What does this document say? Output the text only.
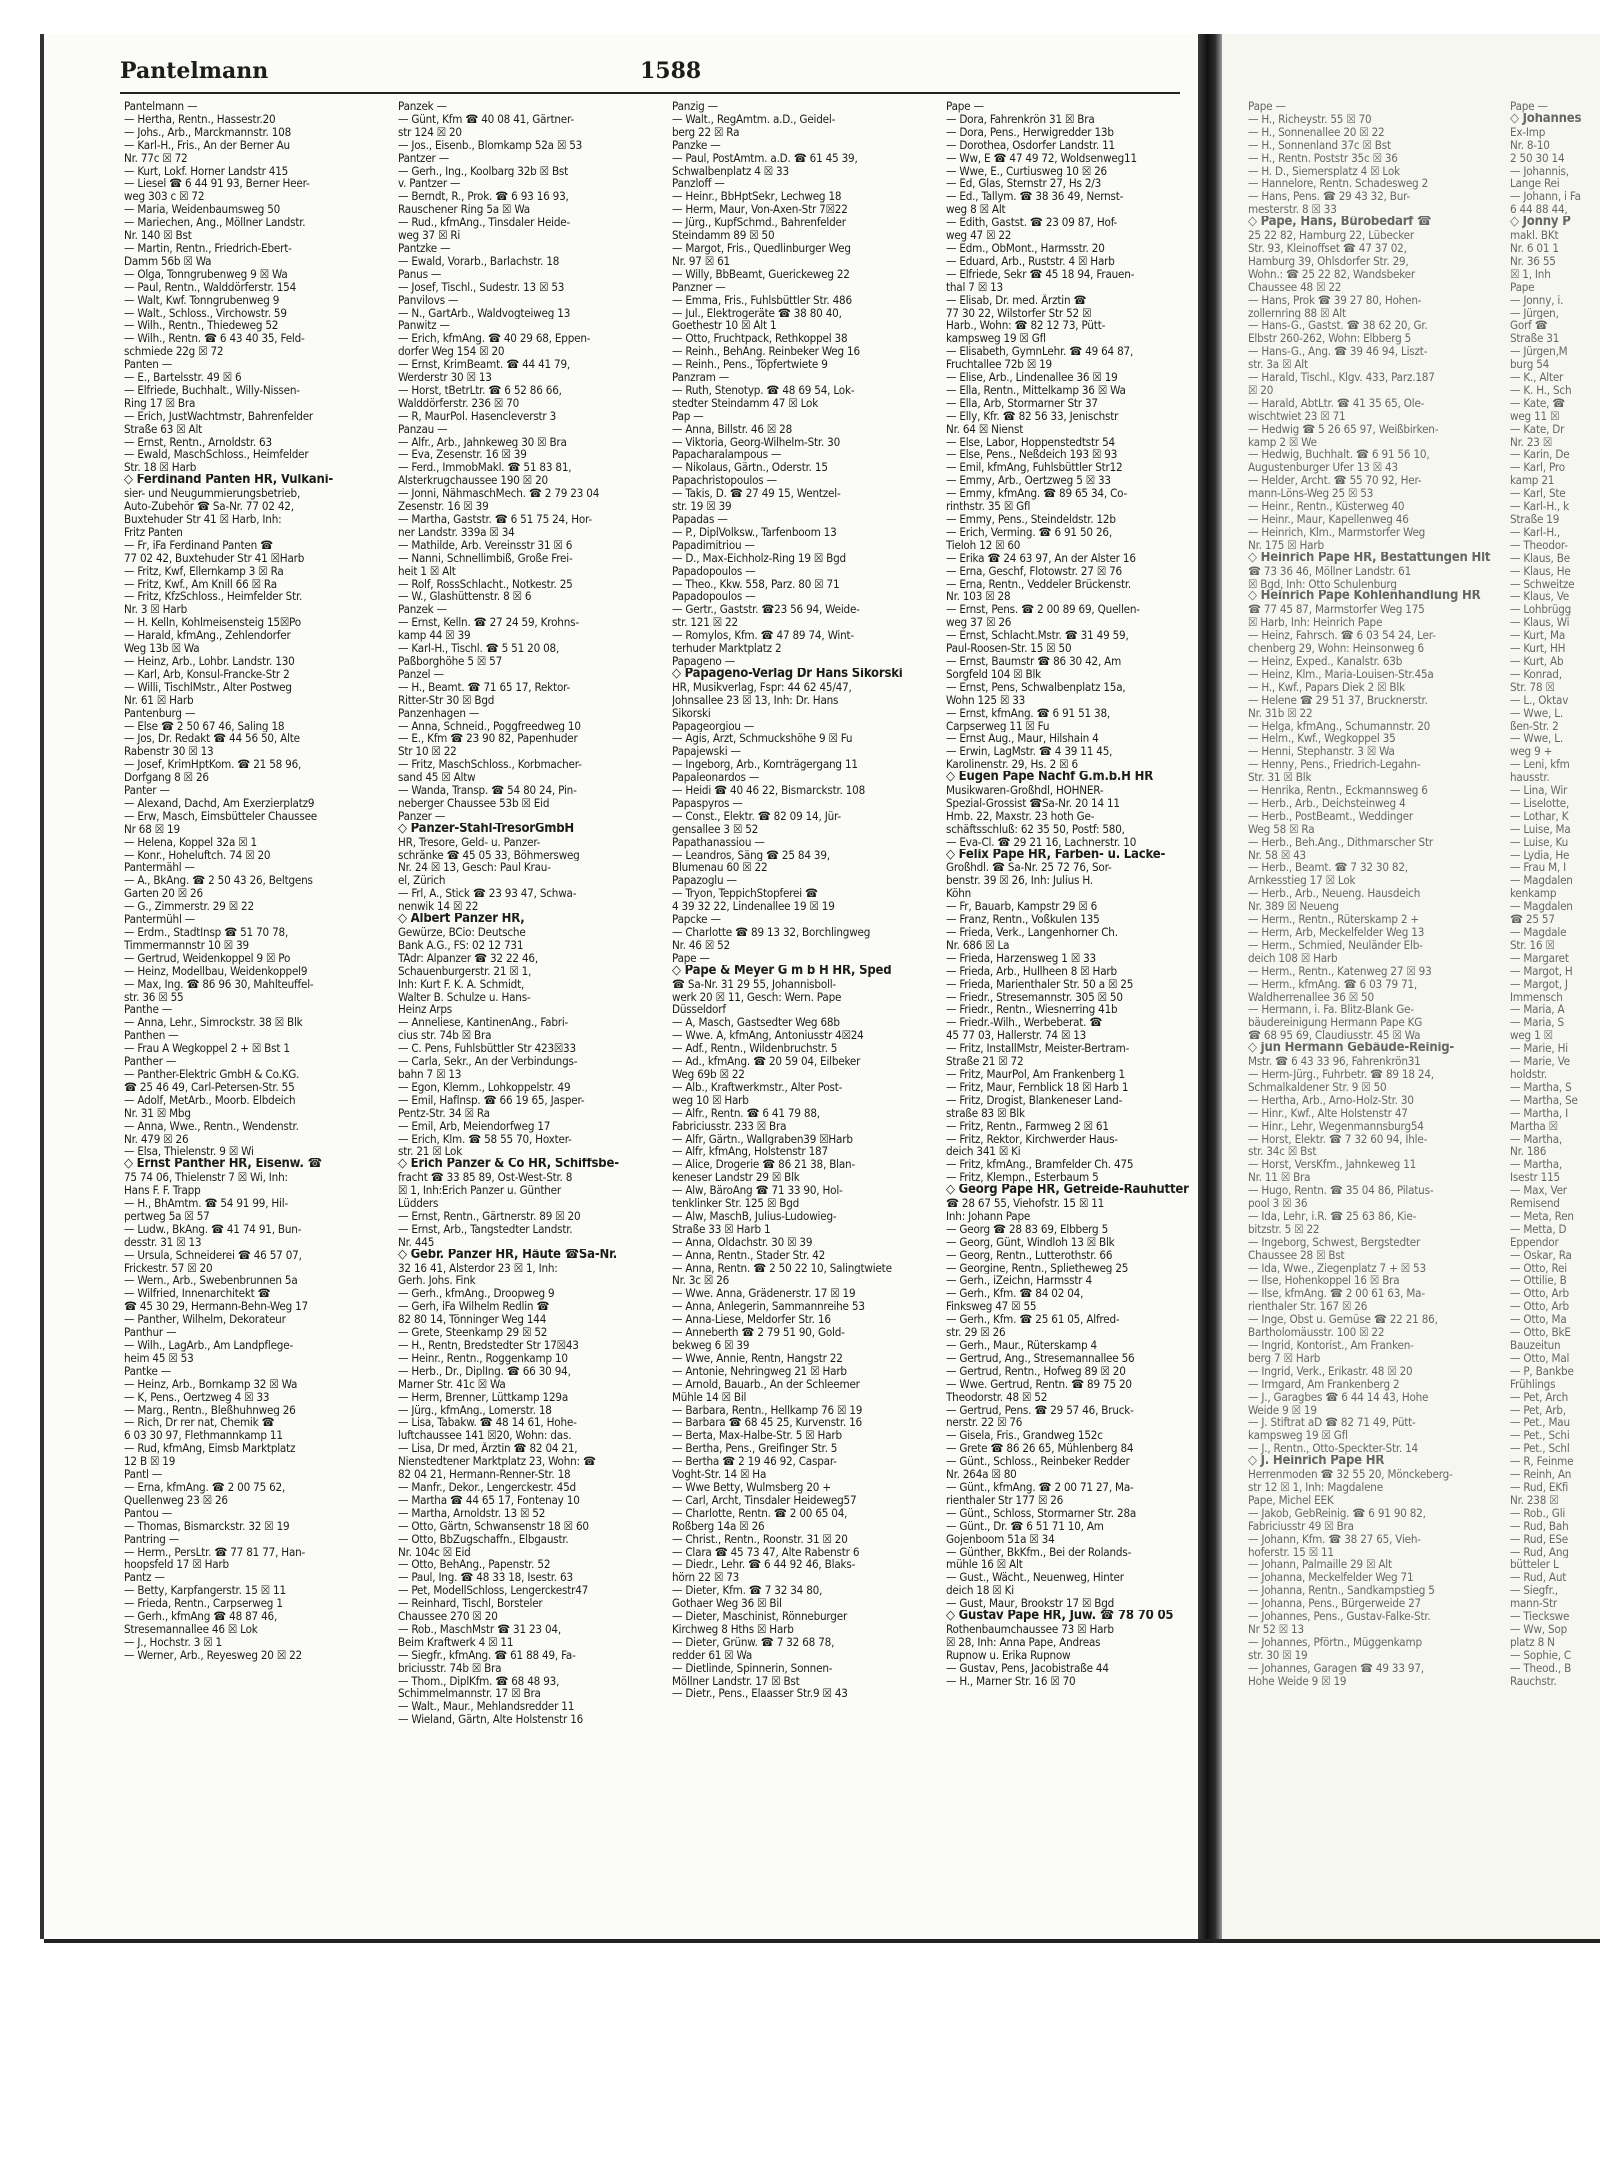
Pantelmann	1588
Pantelmann —
— Hertha, Rentn., Hassestr.20
— Johs., Arb., Marckmannstr. 108
— Karl-H., Fris., An der Berner Au
Nr. 77c ☒ 72
— Kurt, Lokf. Horner Landstr 415
— Liesel ☎ 6 44 91 93, Berner Heer-
weg 303 c ☒ 72
— Maria, Weidenbaumsweg 50
— Mariechen, Ang., Möllner Landstr.
Nr. 140 ☒ Bst
— Martin, Rentn., Friedrich-Ebert-
Damm 56b ☒ Wa
— Olga, Tonngrubenweg 9 ☒ Wa
— Paul, Rentn., Walddörferstr. 154
— Walt, Kwf. Tonngrubenweg 9
— Walt., Schloss., Virchowstr. 59
— Wilh., Rentn., Thiedeweg 52
— Wilh., Rentn. ☎ 6 43 40 35, Feld-
schmiede 22g ☒ 72
Panten —
— E., Bartelsstr. 49 ☒ 6
— Elfriede, Buchhalt., Willy-Nissen-
Ring 17 ☒ Bra
— Erich, JustWachtmstr, Bahrenfelder
Straße 63 ☒ Alt
— Ernst, Rentn., Arnoldstr. 63
— Ewald, MaschSchloss., Heimfelder
Str. 18 ☒ Harb
◇ Ferdinand Panten HR, Vulkani-
sier- und Neugummierungsbetrieb,
Auto-Zubehör ☎ Sa-Nr. 77 02 42,
Buxtehuder Str 41 ☒ Harb, Inh:
Fritz Panten
— Fr, iFa Ferdinand Panten ☎
77 02 42, Buxtehuder Str 41 ☒Harb
— Fritz, Kwf, Ellernkamp 3 ☒ Ra
— Fritz, Kwf., Am Knill 66 ☒ Ra
— Fritz, KfzSchloss., Heimfelder Str.
Nr. 3 ☒ Harb
— H. Kelln, Kohlmeisensteig 15☒Po
— Harald, kfmAng., Zehlendorfer
Weg 13b ☒ Wa
— Heinz, Arb., Lohbr. Landstr. 130
— Karl, Arb, Konsul-Francke-Str 2
— Willi, TischlMstr., Alter Postweg
Nr. 61 ☒ Harb
Pantenburg —
— Else ☎ 2 50 67 46, Saling 18
— Jos, Dr. Redakt ☎ 44 56 50, Alte
Rabenstr 30 ☒ 13
— Josef, KrimHptKom. ☎ 21 58 96,
Dorfgang 8 ☒ 26
Panter —
— Alexand, Dachd, Am Exerzierplatz9
— Erw, Masch, Eimsbütteler Chaussee
Nr 68 ☒ 19
— Helena, Koppel 32a ☒ 1
— Konr., Hoheluftch. 74 ☒ 20
Pantermähl —
— A., BkAng. ☎ 2 50 43 26, Beltgens
Garten 20 ☒ 26
— G., Zimmerstr. 29 ☒ 22
Pantermühl —
— Erdm., StadtInsp ☎ 51 70 78,
Timmermannstr 10 ☒ 39
— Gertrud, Weidenkoppel 9 ☒ Po
— Heinz, Modellbau, Weidenkoppel9
— Max, Ing. ☎ 86 96 30, Mahlteuffel-
str. 36 ☒ 55
Panthe —
— Anna, Lehr., Simrockstr. 38 ☒ Blk
Panthen —
— Frau A Wegkoppel 2 + ☒ Bst 1
Panther —
— Panther-Elektric GmbH & Co.KG.
☎ 25 46 49, Carl-Petersen-Str. 55
— Adolf, MetArb., Moorb. Elbdeich
Nr. 31 ☒ Mbg
— Anna, Wwe., Rentn., Wendenstr.
Nr. 479 ☒ 26
— Elsa, Thielenstr. 9 ☒ Wi
◇ Ernst Panther HR, Eisenw. ☎
75 74 06, Thielenstr 7 ☒ Wi, Inh:
Hans F. F. Trapp
— H., BhAmtm. ☎ 54 91 99, Hil-
pertweg 5a ☒ 57
— Ludw., BkAng. ☎ 41 74 91, Bun-
desstr. 31 ☒ 13
— Ursula, Schneiderei ☎ 46 57 07,
Frickestr. 57 ☒ 20
— Wern., Arb., Swebenbrunnen 5a
— Wilfried, Innenarchitekt ☎
☎ 45 30 29, Hermann-Behn-Weg 17
— Panther, Wilhelm, Dekorateur
Panthur —
— Wilh., LagArb., Am Landpflege-
heim 45 ☒ 53
Pantke —
— Heinz, Arb., Bornkamp 32 ☒ Wa
— K, Pens., Oertzweg 4 ☒ 33
— Marg., Rentn., Bleßhuhnweg 26
— Rich, Dr rer nat, Chemik ☎
6 03 30 97, Flethmannkamp 11
— Rud, kfmAng, Eimsb Marktplatz
12 B ☒ 19
Pantl —
— Erna, kfmAng. ☎ 2 00 75 62,
Quellenweg 23 ☒ 26
Pantou —
— Thomas, Bismarckstr. 32 ☒ 19
Pantring —
— Herm., PersLtr. ☎ 77 81 77, Han-
hoopsfeld 17 ☒ Harb
Pantz —
— Betty, Karpfangerstr. 15 ☒ 11
— Frieda, Rentn., Carpserweg 1
— Gerh., kfmAng ☎ 48 87 46,
Stresemannallee 46 ☒ Lok
— J., Hochstr. 3 ☒ 1
— Werner, Arb., Reyesweg 20 ☒ 22
Panzek —
— Günt, Kfm ☎ 40 08 41, Gärtner-
str 124 ☒ 20
— Jos., Eisenb., Blomkamp 52a ☒ 53
Pantzer —
— Gerh., Ing., Koolbarg 32b ☒ Bst
v. Pantzer —
— Berndt, R., Prok. ☎ 6 93 16 93,
Rauschener Ring 5a ☒ Wa
— Rud., kfmAng., Tinsdaler Heide-
weg 37 ☒ Ri
Pantzke —
— Ewald, Vorarb., Barlachstr. 18
Panus —
— Josef, Tischl., Sudestr. 13 ☒ 53
Panvilovs —
— N., GartArb., Waldvogteiweg 13
Panwitz —
— Erich, kfmAng. ☎ 40 29 68, Eppen-
dorfer Weg 154 ☒ 20
— Ernst, KrimBeamt. ☎ 44 41 79,
Werderstr 30 ☒ 13
— Horst, tBetrLtr. ☎ 6 52 86 66,
Walddörferstr. 236 ☒ 70
— R, MaurPol. Hasencleverstr 3
Panzau —
— Alfr., Arb., Jahnkeweg 30 ☒ Bra
— Eva, Zesenstr. 16 ☒ 39
— Ferd., ImmobMakl. ☎ 51 83 81,
Alsterkrugchaussee 190 ☒ 20
— Jonni, NähmaschMech. ☎ 2 79 23 04
Zesenstr. 16 ☒ 39
— Martha, Gaststr. ☎ 6 51 75 24, Hor-
ner Landstr. 339a ☒ 34
— Mathilde, Arb. Vereinsstr 31 ☒ 6
— Nanni, Schnellimbiß, Große Frei-
heit 1 ☒ Alt
— Rolf, RossSchlacht., Notkestr. 25
— W., Glashüttenstr. 8 ☒ 6
Panzek —
— Ernst, Kelln. ☎ 27 24 59, Krohns-
kamp 44 ☒ 39
— Karl-H., Tischl. ☎ 5 51 20 08,
Paßborghöhe 5 ☒ 57
Panzel —
— H., Beamt. ☎ 71 65 17, Rektor-
Ritter-Str 30 ☒ Bgd
Panzenhagen —
— Anna, Schneid., Poggfreedweg 10
— E., Kfm ☎ 23 90 82, Papenhuder
Str 10 ☒ 22
— Fritz, MaschSchloss., Korbmacher-
sand 45 ☒ Altw
— Wanda, Transp. ☎ 54 80 24, Pin-
neberger Chaussee 53b ☒ Eid
Panzer —
◇ Panzer-Stahl-TresorGmbH
HR, Tresore, Geld- u. Panzer-
schränke ☎ 45 05 33, Böhmersweg
Nr. 24 ☒ 13, Gesch: Paul Krau-
el, Zürich
— Frl, A., Stick ☎ 23 93 47, Schwa-
nenwik 14 ☒ 22
◇ Albert Panzer HR,
Gewürze, BCio: Deutsche
Bank A.G., FS: 02 12 731
TAdr: Alpanzer ☎ 32 22 46,
Schauenburgerstr. 21 ☒ 1,
Inh: Kurt F. K. A. Schmidt,
Walter B. Schulze u. Hans-
Heinz Arps
— Anneliese, KantinenAng., Fabri-
cius str. 74b ☒ Bra
— C. Pens, Fuhlsbüttler Str 423☒33
— Carla, Sekr., An der Verbindungs-
bahn 7 ☒ 13
— Egon, Klemm., Lohkoppelstr. 49
— Emil, Haflnsp. ☎ 66 19 65, Jasper-
Pentz-Str. 34 ☒ Ra
— Emil, Arb, Meiendorfweg 17
— Erich, Klm. ☎ 58 55 70, Hoxter-
str. 21 ☒ Lok
◇ Erich Panzer & Co HR, Schiffsbe-
fracht ☎ 33 85 89, Ost-West-Str. 8
☒ 1, Inh:Erich Panzer u. Günther
Lüdders
— Ernst, Rentn., Gärtnerstr. 89 ☒ 20
— Ernst, Arb., Tangstedter Landstr.
Nr. 445
◇ Gebr. Panzer HR, Häute ☎Sa-Nr.
32 16 41, Alsterdor 23 ☒ 1, Inh:
Gerh. Johs. Fink
— Gerh., kfmAng., Droopweg 9
— Gerh, iFa Wilhelm Redlin ☎
82 80 14, Tönninger Weg 144
— Grete, Steenkamp 29 ☒ 52
— H., Rentn, Bredstedter Str 17☒43
— Heinr., Rentn., Roggenkamp 10
— Herb., Dr., DiplIng. ☎ 66 30 94,
Marner Str. 41c ☒ Wa
— Herm, Brenner, Lüttkamp 129a
— Jürg., kfmAng., Lomerstr. 18
— Lisa, Tabakw. ☎ 48 14 61, Hohe-
luftchaussee 141 ☒20, Wohn: das.
— Lisa, Dr med, Ärztin ☎ 82 04 21,
Nienstedtener Marktplatz 23, Wohn: ☎
82 04 21, Hermann-Renner-Str. 18
— Manfr., Dekor., Lengerckestr. 45d
— Martha ☎ 44 65 17, Fontenay 10
— Martha, Arnoldstr. 13 ☒ 52
— Otto, Gärtn, Schwansenstr 18 ☒ 60
— Otto, BbZugschaffn., Elbgaustr.
Nr. 104c ☒ Eid
— Otto, BehAng., Papenstr. 52
— Paul, Ing. ☎ 48 33 18, Isestr. 63
— Pet, ModellSchloss, Lengerckestr47
— Reinhard, Tischl, Borsteler
Chaussee 270 ☒ 20
— Rob., MaschMstr ☎ 31 23 04,
Beim Kraftwerk 4 ☒ 11
— Siegfr., kfmAng. ☎ 61 88 49, Fa-
briciusstr. 74b ☒ Bra
— Thom., DiplKfm. ☎ 68 48 93,
Schimmelmannstr. 17 ☒ Bra
— Walt., Maur., Mehlandsredder 11
— Wieland, Gärtn, Alte Holstenstr 16
Panzig —
— Walt., RegAmtm. a.D., Geidel-
berg 22 ☒ Ra
Panzke —
— Paul, PostAmtm. a.D. ☎ 61 45 39,
Schwalbenplatz 4 ☒ 33
Panzloff —
— Heinr., BbHptSekr, Lechweg 18
— Herm, Maur, Von-Axen-Str 7☒22
— Jürg., KupfSchmd., Bahrenfelder
Steindamm 89 ☒ 50
— Margot, Fris., Quedlinburger Weg
Nr. 97 ☒ 61
— Willy, BbBeamt, Guerickeweg 22
Panzner —
— Emma, Fris., Fuhlsbüttler Str. 486
— Jul., Elektrogeräte ☎ 38 80 40,
Goethestr 10 ☒ Alt 1
— Otto, Fruchtpack, Rethkoppel 38
— Reinh., BehAng. Reinbeker Weg 16
— Reinh., Pens., Töpfertwiete 9
Panzram —
— Ruth, Stenotyp. ☎ 48 69 54, Lok-
stedter Steindamm 47 ☒ Lok
Pap —
— Anna, Billstr. 46 ☒ 28
— Viktoria, Georg-Wilhelm-Str. 30
Papacharalampous —
— Nikolaus, Gärtn., Oderstr. 15
Papachristopoulos —
— Takis, D. ☎ 27 49 15, Wentzel-
str. 19 ☒ 39
Papadas —
— P., DiplVolksw., Tarfenboom 13
Papadimitriou —
— D., Max-Eichholz-Ring 19 ☒ Bgd
Papadopoulos —
— Theo., Kkw. 558, Parz. 80 ☒ 71
Papadopoulos —
— Gertr., Gaststr. ☎23 56 94, Weide-
str. 121 ☒ 22
— Romylos, Kfm. ☎ 47 89 74, Wint-
terhuder Marktplatz 2
Papageno —
◇ Papageno-Verlag Dr Hans Sikorski
HR, Musikverlag, Fspr: 44 62 45/47,
Johnsallee 23 ☒ 13, Inh: Dr. Hans
Sikorski
Papageorgiou —
— Agis, Arzt, Schmuckshöhe 9 ☒ Fu
Papajewski —
— Ingeborg, Arb., Kornträgergang 11
Papaleonardos —
— Heidi ☎ 40 46 22, Bismarckstr. 108
Papaspyros —
— Const., Elektr. ☎ 82 09 14, Jür-
gensallee 3 ☒ 52
Papathanassiou —
— Leandros, Säng ☎ 25 84 39,
Blumenau 60 ☒ 22
Papazoglu —
— Tryon, TeppichStopferei ☎
4 39 32 22, Lindenallee 19 ☒ 19
Papcke —
— Charlotte ☎ 89 13 32, Borchlingweg
Nr. 46 ☒ 52
Pape —
◇ Pape & Meyer G m b H HR, Sped
☎ Sa-Nr. 31 29 55, Johannisboll-
werk 20 ☒ 11, Gesch: Wern. Pape
Düsseldorf
— A, Masch, Gastsedter Weg 68b
— Wwe. A, kfmAng, Antoniusstr 4☒24
— Adf., Rentn., Wildenbruchstr. 5
— Ad., kfmAng. ☎ 20 59 04, Eilbeker
Weg 69b ☒ 22
— Alb., Kraftwerkmstr., Alter Post-
weg 10 ☒ Harb
— Alfr., Rentn. ☎ 6 41 79 88,
Fabriciusstr. 233 ☒ Bra
— Alfr, Gärtn., Wallgraben39 ☒Harb
— Alfr, kfmAng, Holstenstr 187
— Alice, Drogerie ☎ 86 21 38, Blan-
keneser Landstr 29 ☒ Blk
— Alw, BäroAng ☎ 71 33 90, Hol-
tenklinker Str. 125 ☒ Bgd
— Alw, MaschB, Julius-Ludowieg-
Straße 33 ☒ Harb 1
— Anna, Oldachstr. 30 ☒ 39
— Anna, Rentn., Stader Str. 42
— Anna, Rentn. ☎ 2 50 22 10, Salingtwiete
Nr. 3c ☒ 26
— Wwe. Anna, Grädenerstr. 17 ☒ 19
— Anna, Anlegerin, Sammannreihe 53
— Anna-Liese, Meldorfer Str. 16
— Anneberth ☎ 2 79 51 90, Gold-
bekweg 6 ☒ 39
— Wwe, Annie, Rentn, Hangstr 22
— Antonie, Nehringweg 21 ☒ Harb
— Arnold, Bauarb., An der Schleemer
Mühle 14 ☒ Bil
— Barbara, Rentn., Hellkamp 76 ☒ 19
— Barbara ☎ 68 45 25, Kurvenstr. 16
— Berta, Max-Halbe-Str. 5 ☒ Harb
— Bertha, Pens., Greifinger Str. 5
— Bertha ☎ 2 19 46 92, Caspar-
Voght-Str. 14 ☒ Ha
— Wwe Betty, Wulmsberg 20 +
— Carl, Archt, Tinsdaler Heideweg57
— Charlotte, Rentn. ☎ 2 00 65 04,
Roßberg 14a ☒ 26
— Christ., Rentn., Roonstr. 31 ☒ 20
— Clara ☎ 45 73 47, Alte Rabenstr 6
— Diedr., Lehr. ☎ 6 44 92 46, Blaks-
hörn 22 ☒ 73
— Dieter, Kfm. ☎ 7 32 34 80,
Gothaer Weg 36 ☒ Bil
— Dieter, Maschinist, Rönneburger
Kirchweg 8 Hths ☒ Harb
— Dieter, Grünw. ☎ 7 32 68 78,
redder 61 ☒ Wa
— Dietlinde, Spinnerin, Sonnen-
Möllner Landstr. 17 ☒ Bst
— Dietr., Pens., Elaasser Str.9 ☒ 43
Pape —
— Dora, Fahrenkrön 31 ☒ Bra
— Dora, Pens., Herwigredder 13b
— Dorothea, Osdorfer Landstr. 11
— Ww, E ☎ 47 49 72, Woldsenweg11
— Wwe, E., Curtiusweg 10 ☒ 26
— Ed, Glas, Sternstr 27, Hs 2/3
— Ed., Tallym. ☎ 38 36 49, Nernst-
weg 8 ☒ Alt
— Edith, Gastst. ☎ 23 09 87, Hof-
weg 47 ☒ 22
— Edm., ObMont., Harmsstr. 20
— Eduard, Arb., Ruststr. 4 ☒ Harb
— Elfriede, Sekr ☎ 45 18 94, Frauen-
thal 7 ☒ 13
— Elisab, Dr. med. Ärztin ☎
77 30 22, Wilstorfer Str 52 ☒
Harb., Wohn: ☎ 82 12 73, Pütt-
kampsweg 19 ☒ Gfl
— Elisabeth, GymnLehr. ☎ 49 64 87,
Fruchtallee 72b ☒ 19
— Elise, Arb., Lindenallee 36 ☒ 19
— Ella, Rentn., Mittelkamp 36 ☒ Wa
— Ella, Arb, Stormarner Str 37
— Elly, Kfr. ☎ 82 56 33, Jenischstr
Nr. 64 ☒ Nienst
— Else, Labor, Hoppenstedtstr 54
— Else, Pens., Neßdeich 193 ☒ 93
— Emil, kfmAng, Fuhlsbüttler Str12
— Emmy, Arb., Oertzweg 5 ☒ 33
— Emmy, kfmAng. ☎ 89 65 34, Co-
rinthstr. 35 ☒ Gfl
— Emmy, Pens., Steindeldstr. 12b
— Erich, Verming. ☎ 6 91 50 26,
Tieloh 12 ☒ 60
— Erika ☎ 24 63 97, An der Alster 16
— Erna, Geschf, Flotowstr. 27 ☒ 76
— Erna, Rentn., Veddeler Brückenstr.
Nr. 103 ☒ 28
— Ernst, Pens. ☎ 2 00 89 69, Quellen-
weg 37 ☒ 26
— Ernst, Schlacht.Mstr. ☎ 31 49 59,
Paul-Roosen-Str. 15 ☒ 50
— Ernst, Baumstr ☎ 86 30 42, Am
Sorgfeld 104 ☒ Blk
— Ernst, Pens, Schwalbenplatz 15a,
Wohn 125 ☒ 33
— Ernst, kfmAng. ☎ 6 91 51 38,
Carpserweg 11 ☒ Fu
— Ernst Aug., Maur, Hilshain 4
— Erwin, LagMstr. ☎ 4 39 11 45,
Karolinenstr. 29, Hs. 2 ☒ 6
◇ Eugen Pape Nachf G.m.b.H HR
Musikwaren-Großhdl, HOHNER-
Spezial-Grossist ☎Sa-Nr. 20 14 11
Hmb. 22, Maxstr. 23 hoth Ge-
schäftsschluß: 62 35 50, Postf: 580,
— Eva-Cl. ☎ 29 21 16, Lachnerstr. 10
◇ Felix Pape HR, Farben- u. Lacke-
Großhdl. ☎ Sa-Nr. 25 72 76, Sor-
benstr. 39 ☒ 26, Inh: Julius H.
Köhn
— Fr, Bauarb, Kampstr 29 ☒ 6
— Franz, Rentn., Voßkulen 135
— Frieda, Verk., Langenhorner Ch.
Nr. 686 ☒ La
— Frieda, Harzensweg 1 ☒ 33
— Frieda, Arb., Hullheen 8 ☒ Harb
— Frieda, Marienthaler Str. 50 a ☒ 25
— Friedr., Stresemannstr. 305 ☒ 50
— Friedr., Rentn., Wiesnerring 41b
— Friedr.-Wilh., Werbeberat. ☎
45 77 03, Hallerstr. 74 ☒ 13
— Fritz, InstallMstr, Meister-Bertram-
Straße 21 ☒ 72
— Fritz, MaurPol, Am Frankenberg 1
— Fritz, Maur, Fernblick 18 ☒ Harb 1
— Fritz, Drogist, Blankeneser Land-
straße 83 ☒ Blk
— Fritz, Rentn., Farmweg 2 ☒ 61
— Fritz, Rektor, Kirchwerder Haus-
deich 341 ☒ Ki
— Fritz, kfmAng., Bramfelder Ch. 475
— Fritz, Klempn., Esterbaum 5
◇ Georg Pape HR, Getreide-Rauhutter
☎ 28 67 55, Viehofstr. 15 ☒ 11
Inh: Johann Pape
— Georg ☎ 28 83 69, Elbberg 5
— Georg, Günt, Windloh 13 ☒ Blk
— Georg, Rentn., Lutterothstr. 66
— Georgine, Rentn., Splietheweg 25
— Gerh., iZeichn, Harmsstr 4
— Gerh., Kfm. ☎ 84 02 04,
Finksweg 47 ☒ 55
— Gerh., Kfm. ☎ 25 61 05, Alfred-
str. 29 ☒ 26
— Gerh., Maur., Rüterskamp 4
— Gertrud, Ang., Stresemannallee 56
— Gertrud, Rentn., Hofweg 89 ☒ 20
— Wwe. Gertrud, Rentn. ☎ 89 75 20
Theodorstr. 48 ☒ 52
— Gertrud, Pens. ☎ 29 57 46, Bruck-
nerstr. 22 ☒ 76
— Gisela, Fris., Grandweg 152c
— Grete ☎ 86 26 65, Mühlenberg 84
— Günt., Schloss., Reinbeker Redder
Nr. 264a ☒ 80
— Günt., kfmAng. ☎ 2 00 71 27, Ma-
rienthaler Str 177 ☒ 26
— Günt., Schloss, Stormarner Str. 28a
— Günt., Dr. ☎ 6 51 71 10, Am
Gojenboom 51a ☒ 34
— Günther, BkKfm., Bei der Rolands-
mühle 16 ☒ Alt
— Gust., Wächt., Neuenweg, Hinter
deich 18 ☒ Ki
— Gust, Maur, Brookstr 17 ☒ Bgd
◇ Gustav Pape HR, Juw. ☎ 78 70 05
Rothenbaumchaussee 73 ☒ Harb
☒ 28, Inh: Anna Pape, Andreas
Rupnow u. Erika Rupnow
— Gustav, Pens, Jacobistraße 44
— H., Marner Str. 16 ☒ 70
Pape —
— H., Richeystr. 55 ☒ 70
— H., Sonnenallee 20 ☒ 22
— H., Sonnenland 37c ☒ Bst
— H., Rentn. Poststr 35c ☒ 36
— H. D., Siemersplatz 4 ☒ Lok
— Hannelore, Rentn. Schadesweg 2
— Hans, Pens. ☎ 29 43 32, Bur-
mesterstr. 8 ☒ 33
◇ Pape, Hans, Bürobedarf ☎
25 22 82, Hamburg 22, Lübecker
Str. 93, Kleinoffset ☎ 47 37 02,
Hamburg 39, Ohlsdorfer Str. 29,
Wohn.: ☎ 25 22 82, Wandsbeker
Chaussee 48 ☒ 22
— Hans, Prok ☎ 39 27 80, Hohen-
zollernring 88 ☒ Alt
— Hans-G., Gastst. ☎ 38 62 20, Gr.
Elbstr 260-262, Wohn: Elbberg 5
— Hans-G., Ang. ☎ 39 46 94, Liszt-
str. 3a ☒ Alt
— Harald, Tischl., Klgv. 433, Parz.187
☒ 20
— Harald, AbtLtr. ☎ 41 35 65, Ole-
wischtwiet 23 ☒ 71
— Hedwig ☎ 5 26 65 97, Weißbirken-
kamp 2 ☒ We
— Hedwig, Buchhalt. ☎ 6 91 56 10,
Augustenburger Ufer 13 ☒ 43
— Helder, Archt. ☎ 55 70 92, Her-
mann-Löns-Weg 25 ☒ 53
— Heinr., Rentn., Küsterweg 40
— Heinr., Maur, Kapellenweg 46
— Heinrich, Klm., Marmstorfer Weg
Nr. 175 ☒ Harb
◇ Heinrich Pape HR, Bestattungen Hlt
☎ 73 36 46, Möllner Landstr. 61
☒ Bgd, Inh: Otto Schulenburg
◇ Heinrich Pape Kohlenhandlung HR
☎ 77 45 87, Marmstorfer Weg 175
☒ Harb, Inh: Heinrich Pape
— Heinz, Fahrsch. ☎ 6 03 54 24, Ler-
chenberg 29, Wohn: Heinsonweg 6
— Heinz, Exped., Kanalstr. 63b
— Heinz, Klm., Maria-Louisen-Str.45a
— H., Kwf., Papars Diek 2 ☒ Blk
— Helene ☎ 29 51 37, Brucknerstr.
Nr. 31b ☒ 22
— Helga, kfmAng., Schumannstr. 20
— Helm., Kwf., Wegkoppel 35
— Henni, Stephanstr. 3 ☒ Wa
— Henny, Pens., Friedrich-Legahn-
Str. 31 ☒ Blk
— Henrika, Rentn., Eckmannsweg 6
— Herb., Arb., Deichsteinweg 4
— Herb., PostBeamt., Weddinger
Weg 58 ☒ Ra
— Herb., Beh.Ang., Dithmarscher Str
Nr. 58 ☒ 43
— Herb., Beamt. ☎ 7 32 30 82,
Arnkesstieg 17 ☒ Lok
— Herb., Arb., Neueng. Hausdeich
Nr. 389 ☒ Neueng
— Herm., Rentn., Rüterskamp 2 +
— Herm, Arb, Meckelfelder Weg 13
— Herm., Schmied, Neuländer Elb-
deich 108 ☒ Harb
— Herm., Rentn., Katenweg 27 ☒ 93
— Herm., kfmAng. ☎ 6 03 79 71,
Waldherrenallee 36 ☒ 50
— Hermann, i. Fa. Blitz-Blank Ge-
bäudereinigung Hermann Pape KG
☎ 68 95 69, Claudiusstr. 45 ☒ Wa
◇ jun Hermann Gebäude-Reinig-
Mstr. ☎ 6 43 33 96, Fahrenkrön31
— Herm-Jürg., Fuhrbetr. ☎ 89 18 24,
Schmalkaldener Str. 9 ☒ 50
— Hertha, Arb., Arno-Holz-Str. 30
— Hinr., Kwf., Alte Holstenstr 47
— Hinr., Lehr, Wegenmannsburg54
— Horst, Elektr. ☎ 7 32 60 94, Ihle-
str. 34c ☒ Bst
— Horst, VersKfm., Jahnkeweg 11
Nr. 11 ☒ Bra
— Hugo, Rentn. ☎ 35 04 86, Pilatus-
pool 3 ☒ 36
— Ida, Lehr, i.R. ☎ 25 63 86, Kie-
bitzstr. 5 ☒ 22
— Ingeborg, Schwest, Bergstedter
Chaussee 28 ☒ Bst
— Ida, Wwe., Ziegenplatz 7 + ☒ 53
— Ilse, Hohenkoppel 16 ☒ Bra
— Ilse, kfmAng. ☎ 2 00 61 63, Ma-
rienthaler Str. 167 ☒ 26
— Inge, Obst u. Gemüse ☎ 22 21 86,
Bartholomäusstr. 100 ☒ 22
— Ingrid, Kontorist., Am Franken-
berg 7 ☒ Harb
— Ingrid, Verk., Erikastr. 48 ☒ 20
— Irmgard, Am Frankenberg 2
— J., Garagbes ☎ 6 44 14 43, Hohe
Weide 9 ☒ 19
— J. Stiftrat aD ☎ 82 71 49, Pütt-
kampsweg 19 ☒ Gfl
— J., Rentn., Otto-Speckter-Str. 14
◇ J. Heinrich Pape HR
Herrenmoden ☎ 32 55 20, Mönckeberg-
str 12 ☒ 1, Inh: Magdalene
Pape, Michel EEK
— Jakob, GebReinig. ☎ 6 91 90 82,
Fabriciusstr 49 ☒ Bra
— Johann, Kfm. ☎ 38 27 65, Vieh-
hoferstr. 15 ☒ 11
— Johann, Palmaille 29 ☒ Alt
— Johanna, Meckelfelder Weg 71
— Johanna, Rentn., Sandkampstieg 5
— Johanna, Pens., Bürgerweide 27
— Johannes, Pens., Gustav-Falke-Str.
Nr 52 ☒ 13
— Johannes, Pförtn., Müggenkamp
str. 30 ☒ 19
— Johannes, Garagen ☎ 49 33 97,
Hohe Weide 9 ☒ 19
Pape —
◇ Johannes
Ex-Imp
Nr. 8-10
2 50 30 14
— Johannis,
Lange Rei
— Johann, i Fa
6 44 88 44,
◇ Jonny P
makl. BKt
Nr. 6 01 1
Nr. 36 55
☒ 1, Inh
Pape
— Jonny, i.
— Jürgen,
Gorf ☎
Straße 31
— Jürgen,M
burg 54
— K., Alter
— K. H., Sch
— Kate, ☎
weg 11 ☒
— Kate, Dr
Nr. 23 ☒
— Karin, De
— Karl, Pro
kamp 21
— Karl, Ste
— Karl-H., k
Straße 19
— Karl-H.,
— Theodor-
— Klaus, Be
— Klaus, He
— Schweitze
— Klaus, Ve
— Lohbrügg
— Klaus, Wi
— Kurt, Ma
— Kurt, HH
— Kurt, Ab
— Konrad,
Str. 78 ☒
— L., Oktav
— Wwe, L.
ßen-Str. 2
— Wwe, L.
weg 9 +
— Leni, kfm
hausstr.
— Lina, Wir
— Liselotte,
— Lothar, K
— Luise, Ma
— Luise, Ku
— Lydia, He
— Frau M, I
— Magdalen
kenkamp
— Magdalen
☎ 25 57
— Magdale
Str. 16 ☒
— Margaret
— Margot, H
— Margot, J
Immensch
— Maria, A
— Maria, S
weg 1 ☒
— Marie, Hi
— Marie, Ve
holdstr.
— Martha, S
— Martha, Se
— Martha, I
Martha ☒
— Martha,
Nr. 186
— Martha,
Isestr 115
— Max, Ver
Remisend
— Meta, Ren
— Metta, D
Eppendor
— Oskar, Ra
— Otto, Rei
— Ottilie, B
— Otto, Arb
— Otto, Arb
— Otto, Ma
— Otto, BkE
Bauzeitun
— Otto, Mal
— P, Bankbe
Frühlings
— Pet, Arch
— Pet, Arb,
— Pet., Mau
— Pet., Schi
— Pet., Schl
— R, Feinme
— Reinh, An
— Rud, EKfi
Nr. 238 ☒
— Rob., Gli
— Rud, Bah
— Rud, ESe
— Rud, Ang
bütteler L
— Rud, Aut
— Siegfr.,
mann-Str
— Tieckswe
— Ww, Sop
platz 8 N
— Sophie, C
— Theod., B
Rauchstr.
